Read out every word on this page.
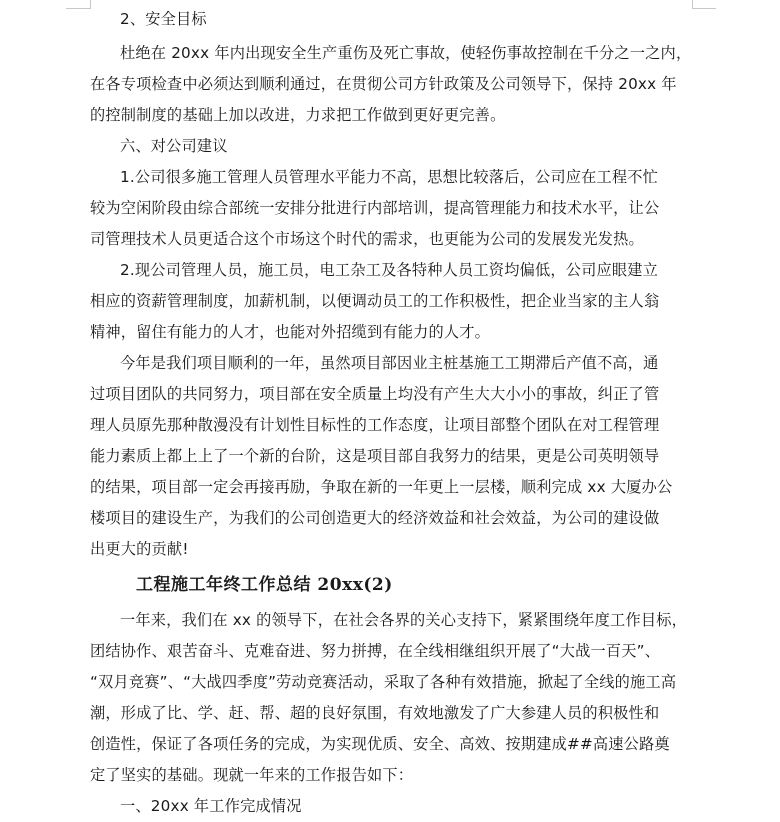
2、安全目标
杜绝在 20xx 年内出现安全生产重伤及死亡事故，使轻伤事故控制在千分之一之内，
在各专项检查中必须达到顺利通过，在贯彻公司方针政策及公司领导下，保持 20xx 年
的控制制度的基础上加以改进，力求把工作做到更好更完善。
六、对公司建议
1.公司很多施工管理人员管理水平能力不高，思想比较落后，公司应在工程不忙
较为空闲阶段由综合部统一安排分批进行内部培训，提高管理能力和技术水平，让公
司管理技术人员更适合这个市场这个时代的需求，也更能为公司的发展发光发热。
2.现公司管理人员，施工员，电工杂工及各特种人员工资均偏低，公司应眼建立
相应的资薪管理制度，加薪机制，以便调动员工的工作积极性，把企业当家的主人翁
精神，留住有能力的人才，也能对外招缆到有能力的人才。
今年是我们项目顺利的一年，虽然项目部因业主桩基施工工期滞后产值不高，通
过项目团队的共同努力，项目部在安全质量上均没有产生大大小小的事故，纠正了管
理人员原先那种散漫没有计划性目标性的工作态度，让项目部整个团队在对工程管理
能力素质上都上上了一个新的台阶，这是项目部自我努力的结果，更是公司英明领导
的结果，项目部一定会再接再励，争取在新的一年更上一层楼，顺利完成 xx 大厦办公
楼项目的建设生产，为我们的公司创造更大的经济效益和社会效益，为公司的建设做
出更大的贡献!
工程施工年终工作总结 20xx(2)
一年来，我们在 xx 的领导下，在社会各界的关心支持下，紧紧围绕年度工作目标，
团结协作、艰苦奋斗、克难奋进、努力拼搏，在全线相继组织开展了“大战一百天”、
“双月竞赛”、“大战四季度”劳动竞赛活动，采取了各种有效措施，掀起了全线的施工高
潮，形成了比、学、赶、帮、超的良好氛围，有效地激发了广大参建人员的积极性和
创造性，保证了各项任务的完成，为实现优质、安全、高效、按期建成##高速公路奠
定了坚实的基础。现就一年来的工作报告如下：
一、20xx 年工作完成情况
